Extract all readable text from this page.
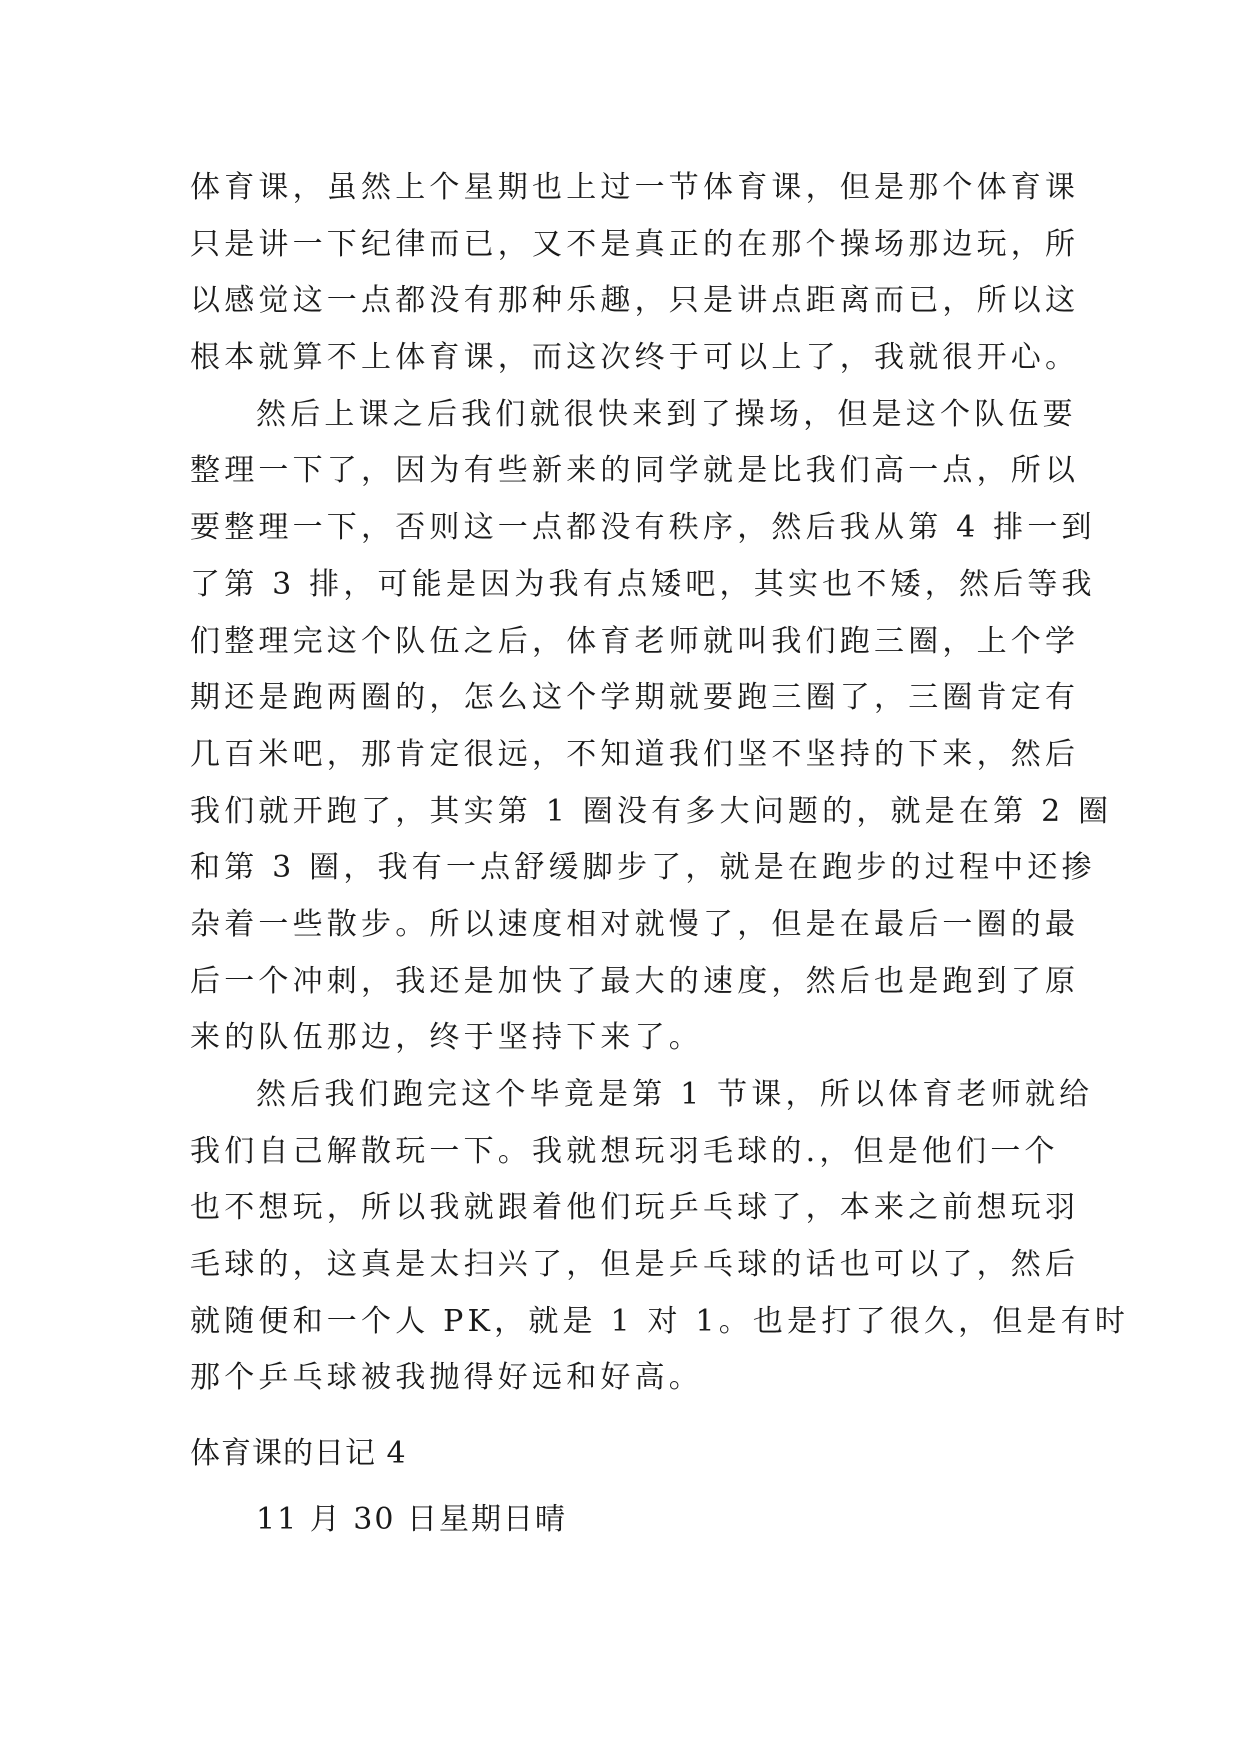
体育课，虽然上个星期也上过一节体育课，但是那个体育课
只是讲一下纪律而已，又不是真正的在那个操场那边玩，所
以感觉这一点都没有那种乐趣，只是讲点距离而已，所以这
根本就算不上体育课，而这次终于可以上了，我就很开心。
然后上课之后我们就很快来到了操场，但是这个队伍要
整理一下了，因为有些新来的同学就是比我们高一点，所以
要整理一下，否则这一点都没有秩序，然后我从第 4 排一到
了第 3 排，可能是因为我有点矮吧，其实也不矮，然后等我
们整理完这个队伍之后，体育老师就叫我们跑三圈，上个学
期还是跑两圈的，怎么这个学期就要跑三圈了，三圈肯定有
几百米吧，那肯定很远，不知道我们坚不坚持的下来，然后
我们就开跑了，其实第 1 圈没有多大问题的，就是在第 2 圈
和第 3 圈，我有一点舒缓脚步了，就是在跑步的过程中还掺
杂着一些散步。所以速度相对就慢了，但是在最后一圈的最
后一个冲刺，我还是加快了最大的速度，然后也是跑到了原
来的队伍那边，终于坚持下来了。
然后我们跑完这个毕竟是第 1 节课，所以体育老师就给
我们自己解散玩一下。我就想玩羽毛球的.，但是他们一个
也不想玩，所以我就跟着他们玩乒乓球了，本来之前想玩羽
毛球的，这真是太扫兴了，但是乒乓球的话也可以了，然后
就随便和一个人 PK，就是 1 对 1。也是打了很久，但是有时
那个乒乓球被我抛得好远和好高。
体育课的日记 4
11 月 30 日星期日晴
